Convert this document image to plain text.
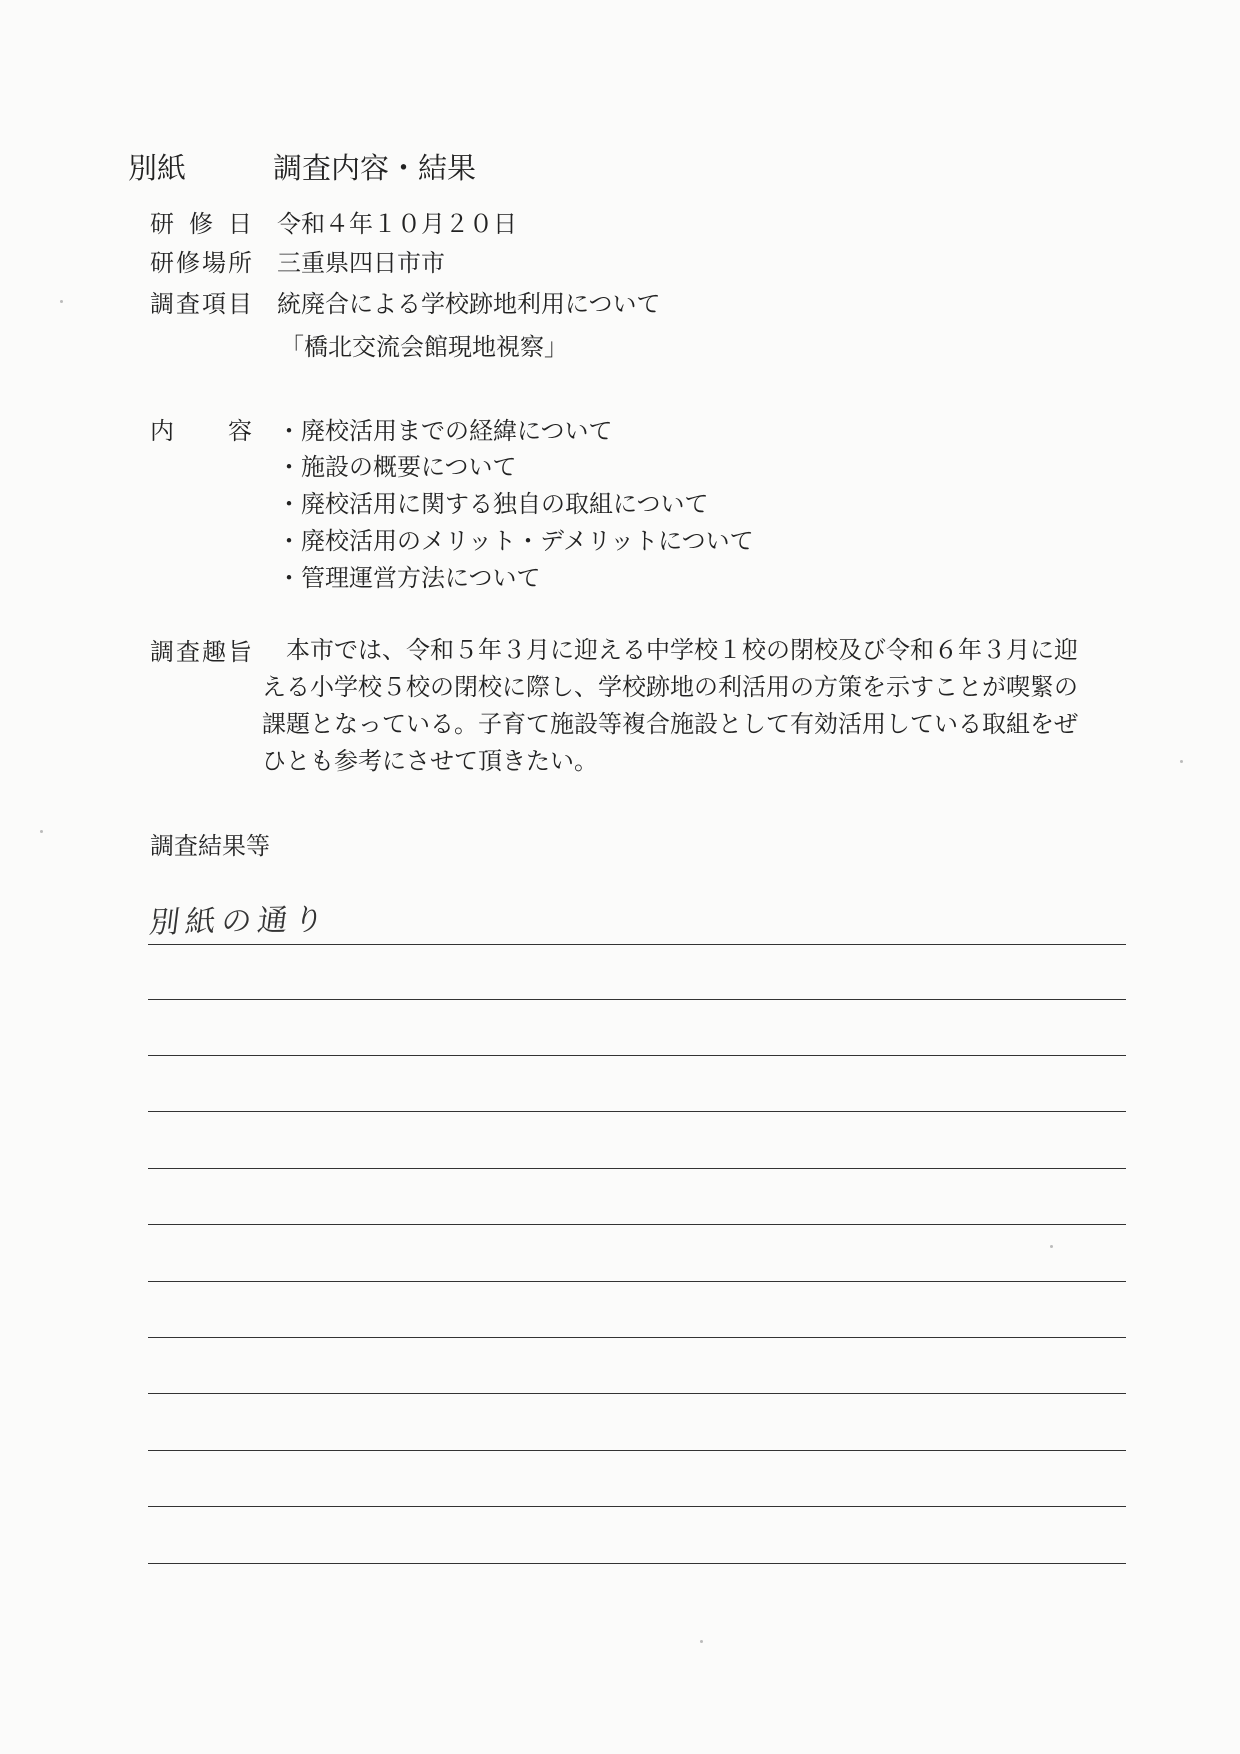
別紙	調査内容・結果
研修日 令和４年１０月２０日
研修場所 三重県四日市市
調査項目 統廃合による学校跡地利用について
「橋北交流会館現地視察」
内容 ・廃校活用までの経緯について
・施設の概要について
・廃校活用に関する独自の取組について
・廃校活用のメリット・デメリットについて
・管理運営方法について
調査趣旨 　本市では、令和５年３月に迎える中学校１校の閉校及び令和６年３月に迎

える小学校５校の閉校に際し、学校跡地の利活用の方策を示すことが喫緊の

課題となっている。子育て施設等複合施設として有効活用している取組をぜ

ひとも参考にさせて頂きたい。

調査結果等
別紙の通り
